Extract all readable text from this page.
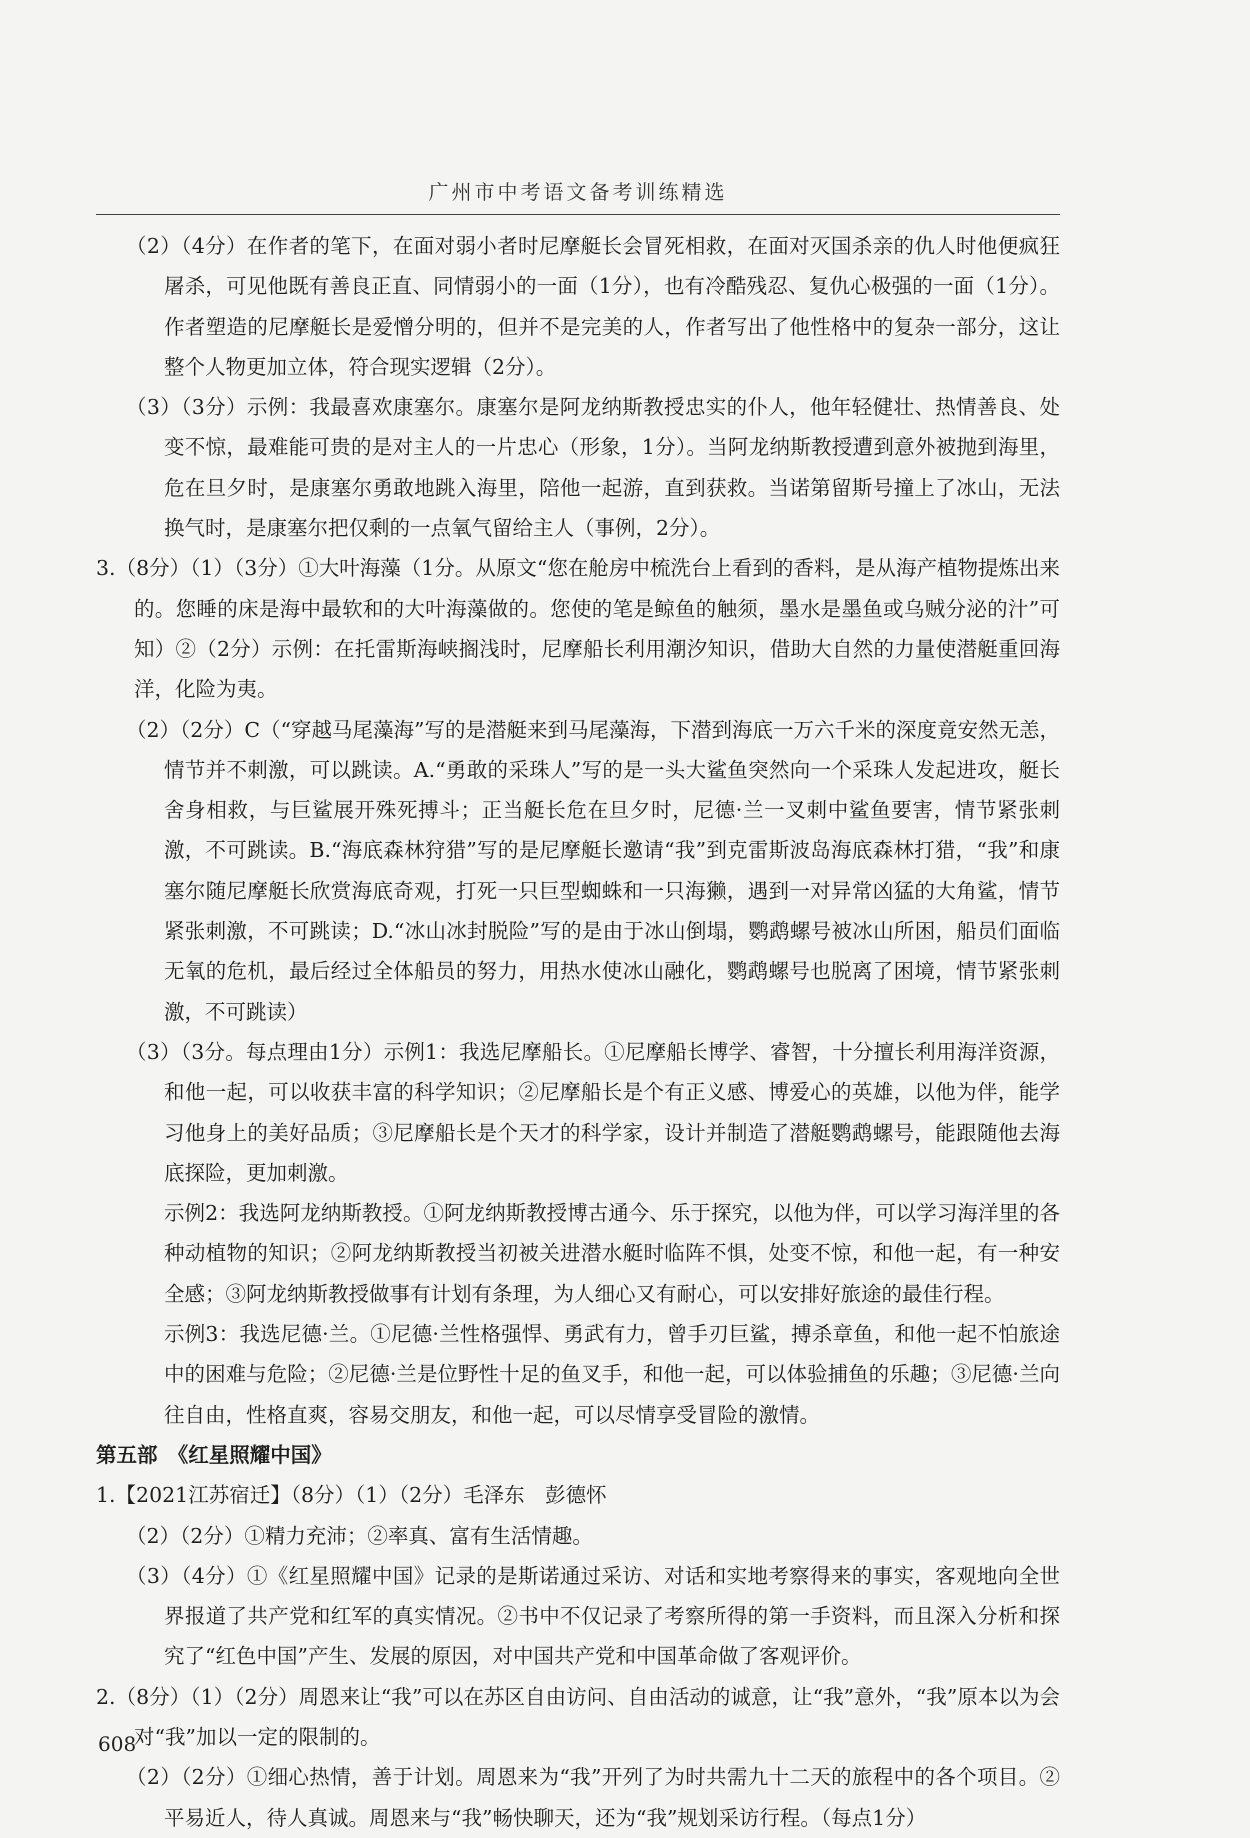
广州市中考语文备考训练精选

（2）（4分）在作者的笔下，在面对弱小者时尼摩艇长会冒死相救，在面对灭国杀亲的仇人时他便疯狂屠杀，可见他既有善良正直、同情弱小的一面（1分），也有冷酷残忍、复仇心极强的一面（1分）。作者塑造的尼摩艇长是爱憎分明的，但并不是完美的人，作者写出了他性格中的复杂一部分，这让整个人物更加立体，符合现实逻辑（2分）。

（3）（3分）示例：我最喜欢康塞尔。康塞尔是阿龙纳斯教授忠实的仆人，他年轻健壮、热情善良、处变不惊，最难能可贵的是对主人的一片忠心（形象，1分）。当阿龙纳斯教授遭到意外被抛到海里，危在旦夕时，是康塞尔勇敢地跳入海里，陪他一起游，直到获救。当诺第留斯号撞上了冰山，无法换气时，是康塞尔把仅剩的一点氧气留给主人（事例，2分）。

3.（8分）（1）（3分）①大叶海藻（1分。从原文“您在舱房中梳洗台上看到的香料，是从海产植物提炼出来的。您睡的床是海中最软和的大叶海藻做的。您使的笔是鲸鱼的触须，墨水是墨鱼或乌贼分泌的汁”可知）②（2分）示例：在托雷斯海峡搁浅时，尼摩船长利用潮汐知识，借助大自然的力量使潜艇重回海洋，化险为夷。

（2）（2分）C（“穿越马尾藻海”写的是潜艇来到马尾藻海，下潜到海底一万六千米的深度竟安然无恙，情节并不刺激，可以跳读。A.“勇敢的采珠人”写的是一头大鲨鱼突然向一个采珠人发起进攻，艇长舍身相救，与巨鲨展开殊死搏斗；正当艇长危在旦夕时，尼德·兰一叉刺中鲨鱼要害，情节紧张刺激，不可跳读。B.“海底森林狩猎”写的是尼摩艇长邀请“我”到克雷斯波岛海底森林打猎，“我”和康塞尔随尼摩艇长欣赏海底奇观，打死一只巨型蜘蛛和一只海獭，遇到一对异常凶猛的大角鲨，情节紧张刺激，不可跳读；D.“冰山冰封脱险”写的是由于冰山倒塌，鹦鹉螺号被冰山所困，船员们面临无氧的危机，最后经过全体船员的努力，用热水使冰山融化，鹦鹉螺号也脱离了困境，情节紧张刺激，不可跳读）

（3）（3分。每点理由1分）示例1：我选尼摩船长。①尼摩船长博学、睿智，十分擅长利用海洋资源，和他一起，可以收获丰富的科学知识；②尼摩船长是个有正义感、博爱心的英雄，以他为伴，能学习他身上的美好品质；③尼摩船长是个天才的科学家，设计并制造了潜艇鹦鹉螺号，能跟随他去海底探险，更加刺激。

示例2：我选阿龙纳斯教授。①阿龙纳斯教授博古通今、乐于探究，以他为伴，可以学习海洋里的各种动植物的知识；②阿龙纳斯教授当初被关进潜水艇时临阵不惧，处变不惊，和他一起，有一种安全感；③阿龙纳斯教授做事有计划有条理，为人细心又有耐心，可以安排好旅途的最佳行程。

示例3：我选尼德·兰。①尼德·兰性格强悍、勇武有力，曾手刃巨鲨，搏杀章鱼，和他一起不怕旅途中的困难与危险；②尼德·兰是位野性十足的鱼叉手，和他一起，可以体验捕鱼的乐趣；③尼德·兰向往自由，性格直爽，容易交朋友，和他一起，可以尽情享受冒险的激情。

第五部　《红星照耀中国》

1.【2021江苏宿迁】（8分）（1）（2分）毛泽东　彭德怀

（2）（2分）①精力充沛；②率真、富有生活情趣。

（3）（4分）①《红星照耀中国》记录的是斯诺通过采访、对话和实地考察得来的事实，客观地向全世界报道了共产党和红军的真实情况。②书中不仅记录了考察所得的第一手资料，而且深入分析和探究了“红色中国”产生、发展的原因，对中国共产党和中国革命做了客观评价。

2.（8分）（1）（2分）周恩来让“我”可以在苏区自由访问、自由活动的诚意，让“我”意外，“我”原本以为会对“我”加以一定的限制的。

（2）（2分）①细心热情，善于计划。周恩来为“我”开列了为时共需九十二天的旅程中的各个项目。②平易近人，待人真诚。周恩来与“我”畅快聊天，还为“我”规划采访行程。（每点1分）

608
